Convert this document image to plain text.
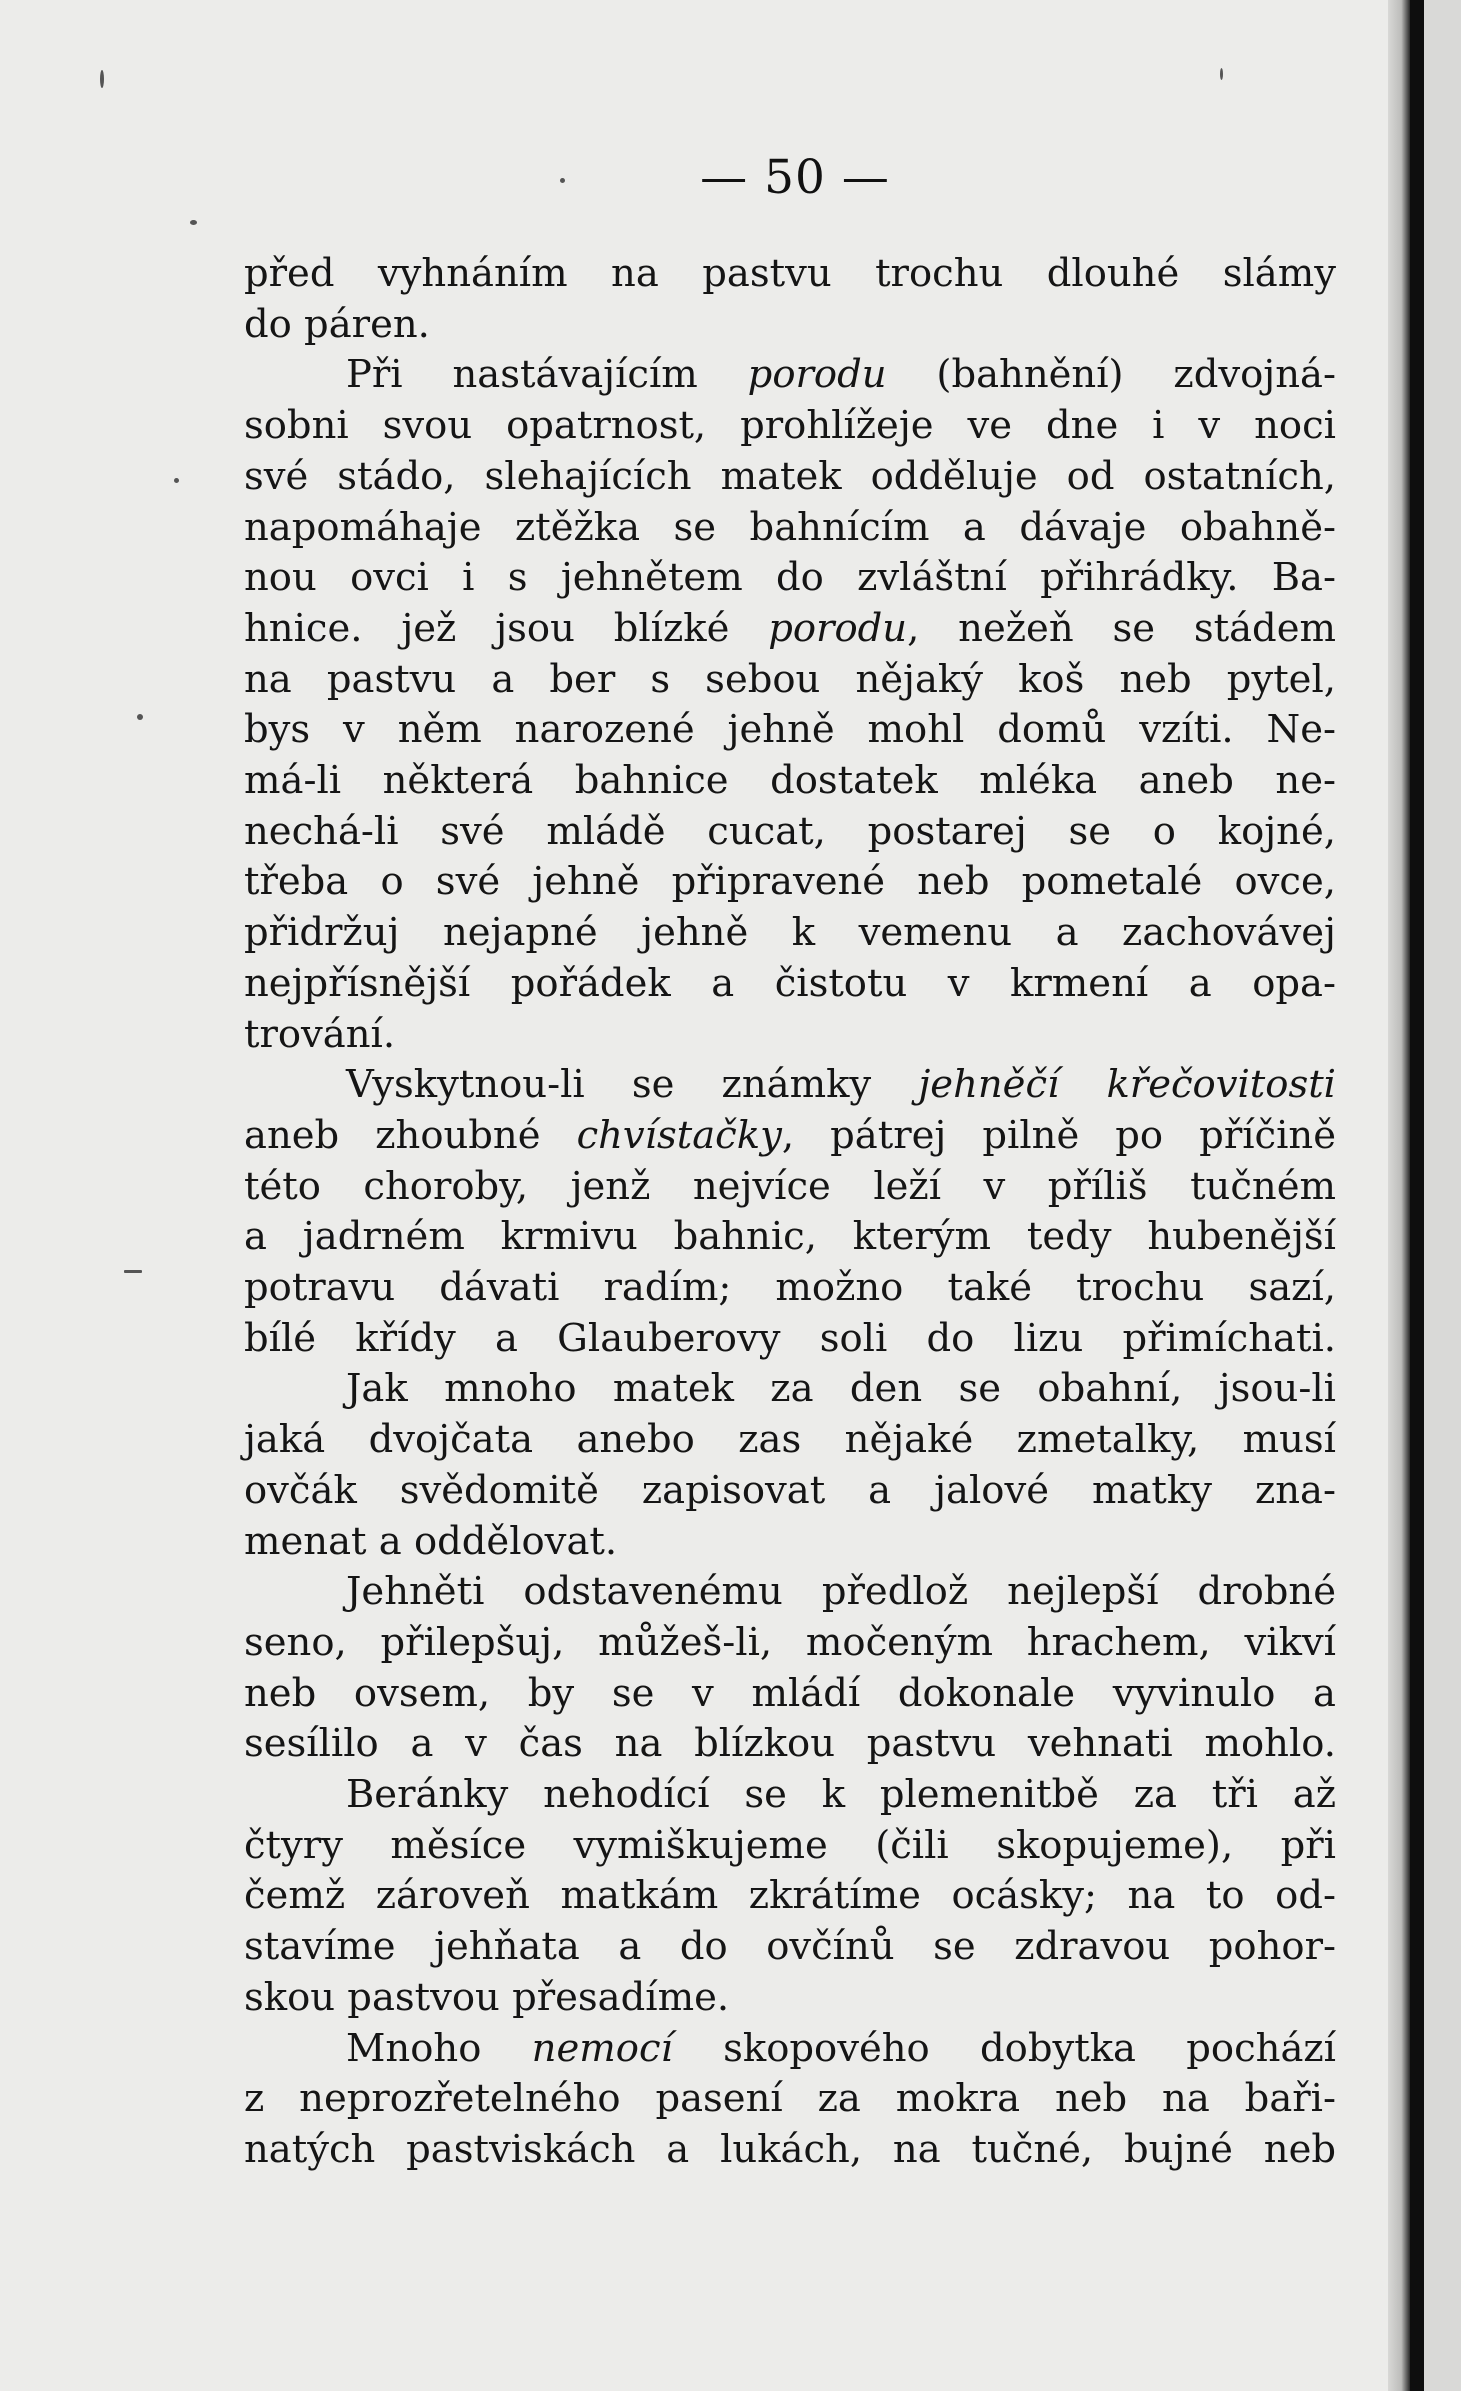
— 50 —
před vyhnáním na pastvu trochu dlouhé slámy
do páren.
Při nastávajícím porodu (bahnění) zdvojná-
sobni svou opatrnost, prohlížeje ve dne i v noci
své stádo, slehajících matek odděluje od ostatních,
napomáhaje ztěžka se bahnícím a dávaje obahně-
nou ovci i s jehnětem do zvláštní přihrádky. Ba-
hnice. jež jsou blízké porodu, nežeň se stádem
na pastvu a ber s sebou nějaký koš neb pytel,
bys v něm narozené jehně mohl domů vzíti. Ne-
má-li některá bahnice dostatek mléka aneb ne-
nechá-li své mládě cucat, postarej se o kojné,
třeba o své jehně připravené neb pometalé ovce,
přidržuj nejapné jehně k vemenu a zachovávej
nejpřísnější pořádek a čistotu v krmení a opa-
trování.
Vyskytnou-li se známky jehněčí křečovitosti
aneb zhoubné chvístačky, pátrej pilně po příčině
této choroby, jenž nejvíce leží v příliš tučném
a jadrném krmivu bahnic, kterým tedy hubenější
potravu dávati radím; možno také trochu sazí,
bílé křídy a Glauberovy soli do lizu přimíchati.
Jak mnoho matek za den se obahní, jsou-li
jaká dvojčata anebo zas nějaké zmetalky, musí
ovčák svědomitě zapisovat a jalové matky zna-
menat a oddělovat.
Jehněti odstavenému předlož nejlepší drobné
seno, přilepšuj, můžeš-li, močeným hrachem, vikví
neb ovsem, by se v mládí dokonale vyvinulo a
sesílilo a v čas na blízkou pastvu vehnati mohlo.
Beránky nehodící se k plemenitbě za tři až
čtyry měsíce vymiškujeme (čili skopujeme), při
čemž zároveň matkám zkrátíme ocásky; na to od-
stavíme jehňata a do ovčínů se zdravou pohor-
skou pastvou přesadíme.
Mnoho nemocí skopového dobytka pochází
z neprozřetelného pasení za mokra neb na baři-
natých pastviskách a lukách, na tučné, bujné neb
